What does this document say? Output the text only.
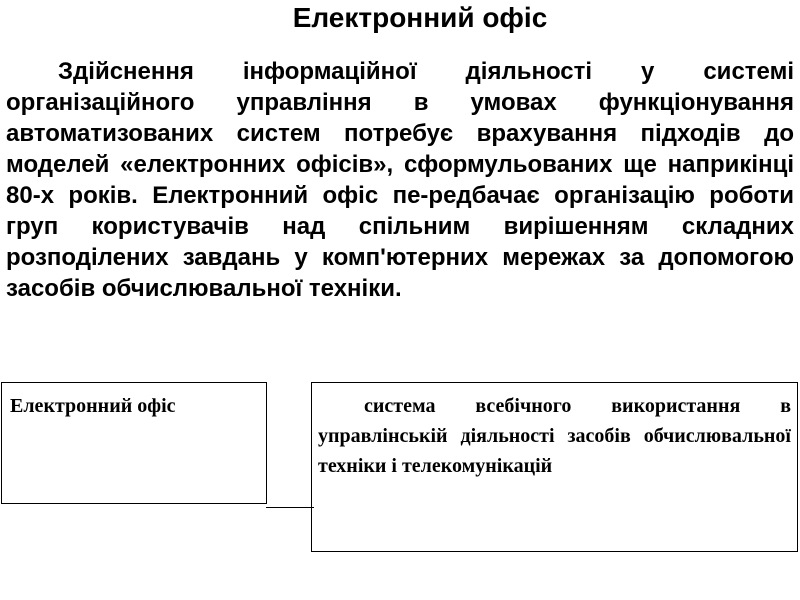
Електронний офіс

Здійснення інформаційної діяльності у системі організаційного управління в умовах функціонування автоматизованих систем потребує врахування підходів до моделей «електронних офісів», сформульованих ще наприкінці 80-х років. Електронний офіс пе-редбачає організацію роботи груп користувачів над спільним вирішенням складних розподілених завдань у комп'ютерних мережах за допомогою засобів обчислювальної техніки.

Електронний офіс	система всебічного використання в управлінській діяльності засобів обчислювальної техніки і телекомунікацій
